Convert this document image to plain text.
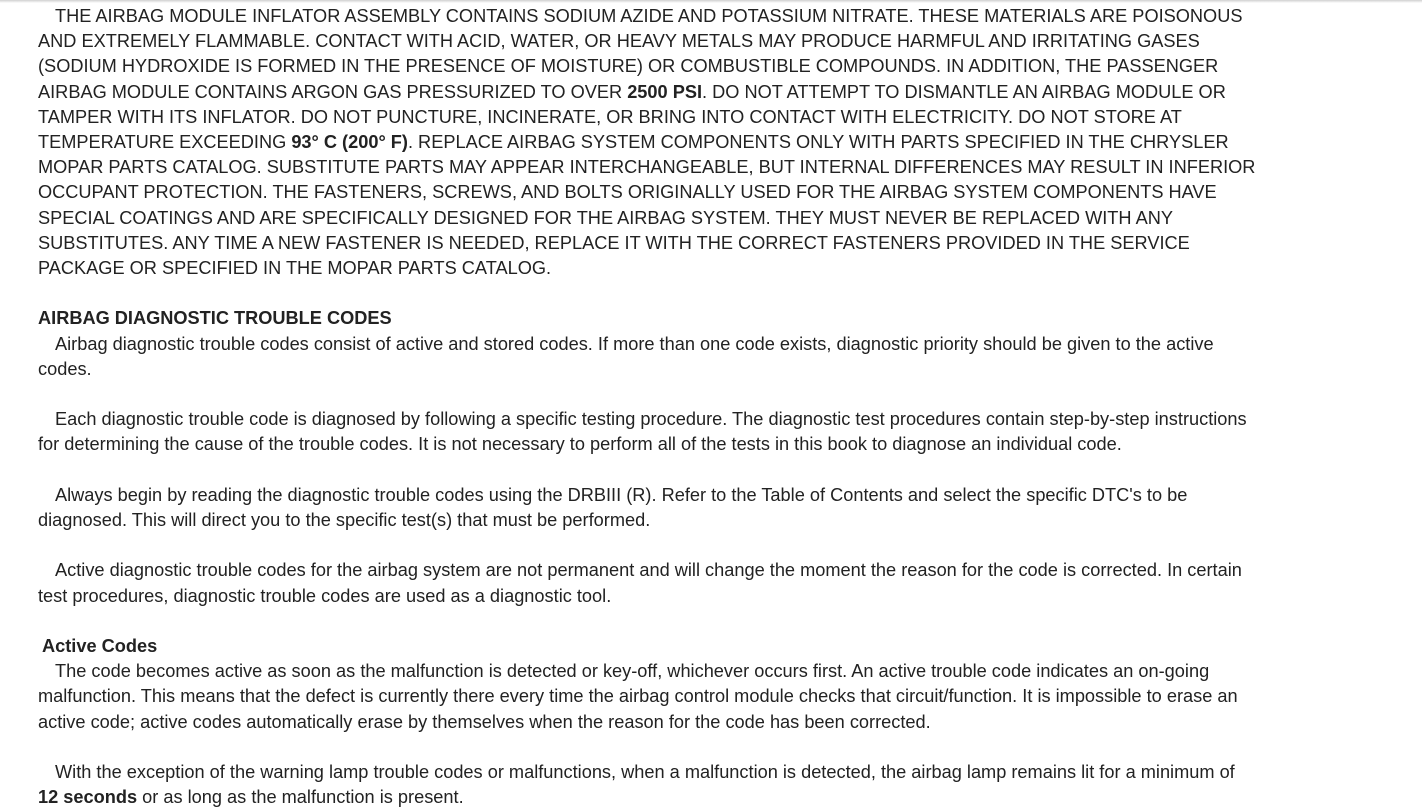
THE AIRBAG MODULE INFLATOR ASSEMBLY CONTAINS SODIUM AZIDE AND POTASSIUM NITRATE. THESE MATERIALS ARE POISONOUS AND EXTREMELY FLAMMABLE. CONTACT WITH ACID, WATER, OR HEAVY METALS MAY PRODUCE HARMFUL AND IRRITATING GASES (SODIUM HYDROXIDE IS FORMED IN THE PRESENCE OF MOISTURE) OR COMBUSTIBLE COMPOUNDS. IN ADDITION, THE PASSENGER AIRBAG MODULE CONTAINS ARGON GAS PRESSURIZED TO OVER 2500 PSI. DO NOT ATTEMPT TO DISMANTLE AN AIRBAG MODULE OR TAMPER WITH ITS INFLATOR. DO NOT PUNCTURE, INCINERATE, OR BRING INTO CONTACT WITH ELECTRICITY. DO NOT STORE AT TEMPERATURE EXCEEDING 93° C (200° F). REPLACE AIRBAG SYSTEM COMPONENTS ONLY WITH PARTS SPECIFIED IN THE CHRYSLER MOPAR PARTS CATALOG. SUBSTITUTE PARTS MAY APPEAR INTERCHANGEABLE, BUT INTERNAL DIFFERENCES MAY RESULT IN INFERIOR OCCUPANT PROTECTION. THE FASTENERS, SCREWS, AND BOLTS ORIGINALLY USED FOR THE AIRBAG SYSTEM COMPONENTS HAVE SPECIAL COATINGS AND ARE SPECIFICALLY DESIGNED FOR THE AIRBAG SYSTEM. THEY MUST NEVER BE REPLACED WITH ANY SUBSTITUTES. ANY TIME A NEW FASTENER IS NEEDED, REPLACE IT WITH THE CORRECT FASTENERS PROVIDED IN THE SERVICE PACKAGE OR SPECIFIED IN THE MOPAR PARTS CATALOG.

AIRBAG DIAGNOSTIC TROUBLE CODES

Airbag diagnostic trouble codes consist of active and stored codes. If more than one code exists, diagnostic priority should be given to the active codes.

Each diagnostic trouble code is diagnosed by following a specific testing procedure. The diagnostic test procedures contain step-by-step instructions for determining the cause of the trouble codes. It is not necessary to perform all of the tests in this book to diagnose an individual code.

Always begin by reading the diagnostic trouble codes using the DRBIII (R). Refer to the Table of Contents and select the specific DTC's to be diagnosed. This will direct you to the specific test(s) that must be performed.

Active diagnostic trouble codes for the airbag system are not permanent and will change the moment the reason for the code is corrected. In certain test procedures, diagnostic trouble codes are used as a diagnostic tool.

Active Codes

The code becomes active as soon as the malfunction is detected or key-off, whichever occurs first. An active trouble code indicates an on-going malfunction. This means that the defect is currently there every time the airbag control module checks that circuit/function. It is impossible to erase an active code; active codes automatically erase by themselves when the reason for the code has been corrected.

With the exception of the warning lamp trouble codes or malfunctions, when a malfunction is detected, the airbag lamp remains lit for a minimum of 12 seconds or as long as the malfunction is present.
